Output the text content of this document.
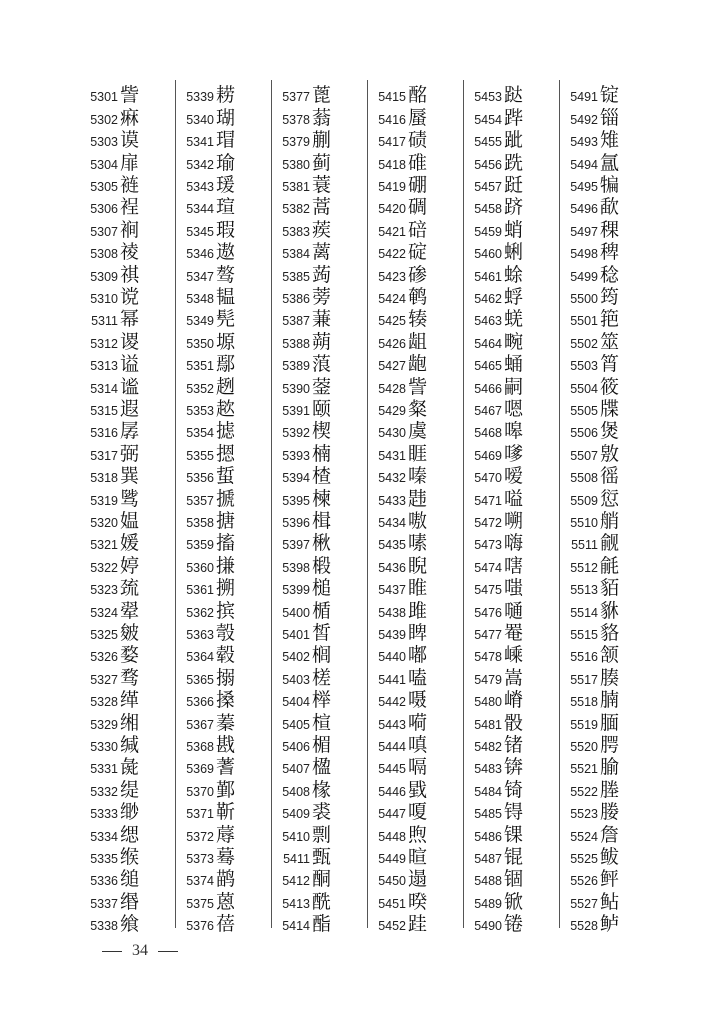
5301 訾
5302 痳
5303 谟
5304 扉
5305 裢
5306 裎
5307 裥
5308 祾
5309 祺
5310 谠
5311 幂
5312 谡
5313 谥
5314 谧
5315 遐
5316 孱
5317 弼
5318 巽
5319 骘
5320 媪
5321 媛
5322 婷
5323 巯
5324 翚
5325 皴
5326 婺
5327 骛
5328 缂
5329 缃
5330 缄
5331 彘
5332 缇
5333 缈
5334 缌
5335 缑
5336 缒
5337 缗
5338 飨
5339 耢
5340 瑚
5341 瑁
5342 瑜
5343 瑗
5344 瑄
5345 瑕
5346 遨
5347 骜
5348 韫
5349 髡
5350 塬
5351 鄢
5352 趔
5353 趑
5354 摅
5355 摁
5356 蜇
5357 搋
5358 搪
5359 搐
5360 搛
5361 搠
5362 摈
5363 彀
5364 毂
5365 搦
5366 搡
5367 蓁
5368 戡
5369 蓍
5370 鄞
5371 靳
5372 蓐
5373 蓦
5374 鹋
5375 蒽
5376 蓓
5377 蓖
5378 蓊
5379 蒯
5380 蓟
5381 蓑
5382 蒿
5383 蒺
5384 蓠
5385 蒟
5386 蒡
5387 蒹
5388 蒴
5389 蒗
5390 蓥
5391 颐
5392 楔
5393 楠
5394 楂
5395 楝
5396 楫
5397 楸
5398 椴
5399 槌
5400 楯
5401 皙
5402 榈
5403 槎
5404 榉
5405 楦
5406 楣
5407 楹
5408 椽
5409 裘
5410 剽
5411 甄
5412 酮
5413 酰
5414 酯
5415 酩
5416 蜃
5417 碛
5418 碓
5419 硼
5420 碉
5421 碚
5422 碇
5423 碜
5424 鹌
5425 辏
5426 龃
5427 龅
5428 訾
5429 粲
5430 虞
5431 睚
5432 嗪
5433 韪
5434 嗷
5435 嗉
5436 睨
5437 睢
5438 雎
5439 睥
5440 嘟
5441 嗑
5442 嗫
5443 嗬
5444 嗔
5445 嗝
5446 戥
5447 嗄
5448 煦
5449 暄
5450 遢
5451 暌
5452 跬
5453 跶
5454 跸
5455 跐
5456 跣
5457 跹
5458 跻
5459 蛸
5460 蜊
5461 蜍
5462 蜉
5463 蜣
5464 畹
5465 蛹
5466 嗣
5467 嗯
5468 嗥
5469 嗲
5470 嗳
5471 嗌
5472 嗍
5473 嗨
5474 嗐
5475 嗤
5476 嗵
5477 罨
5478 嵊
5479 嵩
5480 嵴
5481 骰
5482 锗
5483 锛
5484 锜
5485 锝
5486 锞
5487 锟
5488 锢
5489 锨
5490 锩
5491 锭
5492 锱
5493 雉
5494 氲
5495 犏
5496 歃
5497 稞
5498 稗
5499 稔
5500 筠
5501 筢
5502 筮
5503 筲
5504 筱
5505 牒
5506 煲
5507 敫
5508 徭
5509 愆
5510 艄
5511 觎
5512 毹
5513 貊
5514 貅
5515 貉
5516 颔
5517 腠
5518 腩
5519 腼
5520 腭
5521 腧
5522 塍
5523 媵
5524 詹
5525 鲅
5526 鲆
5527 鲇
5528 鲈
34
